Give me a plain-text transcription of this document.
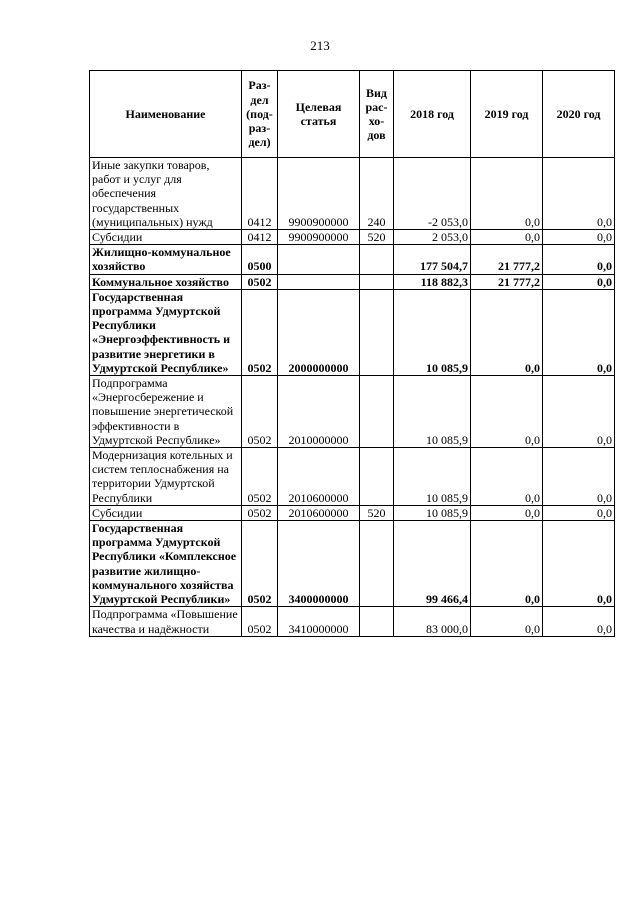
213
Наименование	Раз-дел (под-раз-дел)	Целевая статья	Вид рас-хо-дов	2018 год	2019 год	2020 год
Иные закупки товаров, работ и услуг для обеспечения государственных (муниципальных) нужд	0412	9900900000	240	-2 053,0	0,0	0,0
Субсидии	0412	9900900000	520	2 053,0	0,0	0,0
Жилищно-коммунальное хозяйство	0500			177 504,7	21 777,2	0,0
Коммунальное хозяйство	0502			118 882,3	21 777,2	0,0
Государственная программа Удмуртской Республики «Энергоэффективность и развитие энергетики в Удмуртской Республике»	0502	2000000000		10 085,9	0,0	0,0
Подпрограмма «Энергосбережение и повышение энергетической эффективности в Удмуртской Республике»	0502	2010000000		10 085,9	0,0	0,0
Модернизация котельных и систем теплоснабжения на территории Удмуртской Республики	0502	2010600000		10 085,9	0,0	0,0
Субсидии	0502	2010600000	520	10 085,9	0,0	0,0
Государственная программа Удмуртской Республики «Комплексное развитие жилищно-коммунального хозяйства Удмуртской Республики»	0502	3400000000		99 466,4	0,0	0,0
Подпрограмма «Повышение качества и надёжности	0502	3410000000		83 000,0	0,0	0,0
